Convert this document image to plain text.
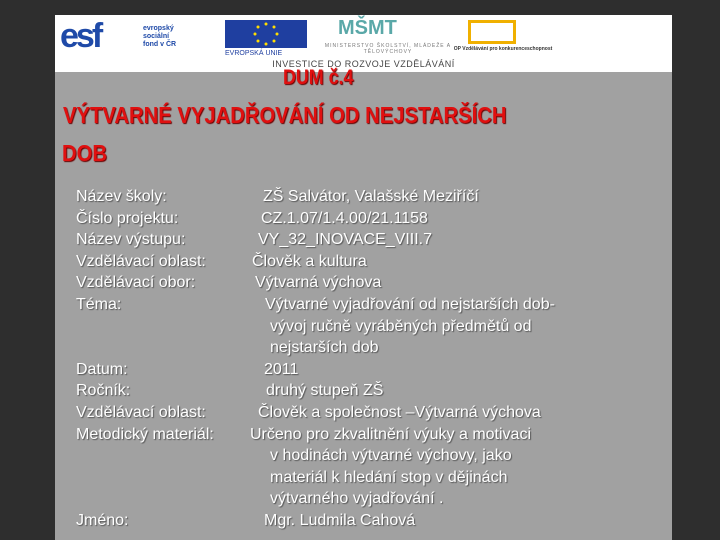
esf	evropský
sociální
fond v ČR
EVROPSKÁ UNIE
MŠMT
MINISTERSTVO ŠKOLSTVÍ, MLÁDEŽE A TĚLOVÝCHOVY	OP Vzdělávání pro konkurenceschopnost
INVESTICE DO ROZVOJE VZDĚLÁVÁNÍ
DUM č.4
VÝTVARNÉ VYJADŘOVÁNÍ OD NEJSTARŠÍCH
DOB
Název školy:	ZŠ Salvátor, Valašské Meziříčí
Číslo projektu:	CZ.1.07/1.4.00/21.1158
Název výstupu:	VY_32_INOVACE_VIII.7
Vzdělávací oblast:	Člověk a kultura
Vzdělávací obor:	Výtvarná výchova
Téma:	Výtvarné vyjadřování od nejstarších dob-
vývoj ručně vyráběných předmětů od
nejstarších dob
Datum:	2011
Ročník:	druhý stupeň ZŠ
Vzdělávací oblast:	Člověk a společnost –Výtvarná výchova
Metodický materiál: Určeno pro zkvalitnění výuky a motivaci
v hodinách výtvarné výchovy, jako
materiál k hledání stop v dějinách
výtvarného vyjadřování .
Jméno:	Mgr. Ludmila Cahová
